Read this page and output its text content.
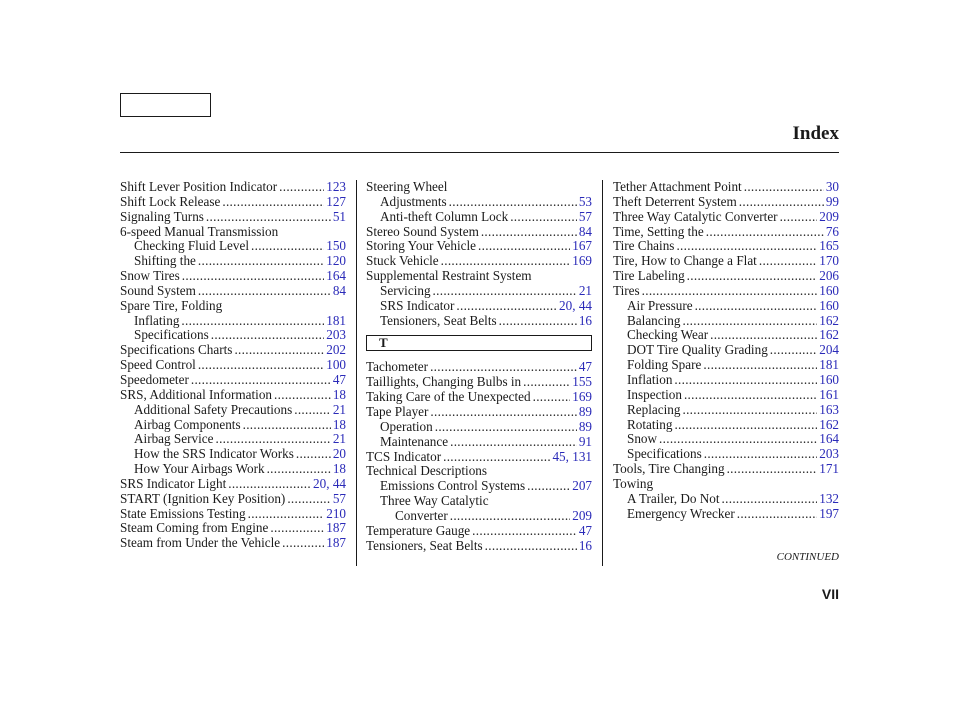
Index
Shift Lever Position Indicator .....	123
Shift Lock Release .....	127
Signaling Turns .....	51
6-speed Manual Transmission
Checking Fluid Level .....	150
Shifting the .....	120
Snow Tires .....	164
Sound System .....	84
Spare Tire, Folding
Inflating .....	181
Specifications .....	203
Specifications Charts .....	202
Speed Control .....	100
Speedometer .....	47
SRS, Additional Information .....	18
Additional Safety Precautions .....	21
Airbag Components .....	18
Airbag Service .....	21
How the SRS Indicator Works .....	20
How Your Airbags Work .....	18
SRS Indicator Light .....	20, 44
START (Ignition Key Position) .....	57
State Emissions Testing .....	210
Steam Coming from Engine .....	187
Steam from Under the Vehicle .....	187
Steering Wheel
Adjustments .....	53
Anti-theft Column Lock .....	57
Stereo Sound System .....	84
Storing Your Vehicle .....	167
Stuck Vehicle .....	169
Supplemental Restraint System
Servicing .....	21
SRS Indicator .....	20, 44
Tensioners, Seat Belts .....	16
T
Tachometer .....	47
Taillights, Changing Bulbs in .....	155
Taking Care of the Unexpected .....	169
Tape Player .....	89
Operation .....	89
Maintenance .....	91
TCS Indicator .....	45, 131
Technical Descriptions
Emissions Control Systems .....	207
Three Way Catalytic
Converter .....	209
Temperature Gauge .....	47
Tensioners, Seat Belts .....	16
Tether Attachment Point .....	30
Theft Deterrent System .....	99
Three Way Catalytic Converter .....	209
Time, Setting the .....	76
Tire Chains .....	165
Tire, How to Change a Flat .....	170
Tire Labeling .....	206
Tires .....	160
Air Pressure .....	160
Balancing .....	162
Checking Wear .....	162
DOT Tire Quality Grading .....	204
Folding Spare .....	181
Inflation .....	160
Inspection .....	161
Replacing .....	163
Rotating .....	162
Snow .....	164
Specifications .....	203
Tools, Tire Changing .....	171
Towing
A Trailer, Do Not .....	132
Emergency Wrecker .....	197
CONTINUED
VII
